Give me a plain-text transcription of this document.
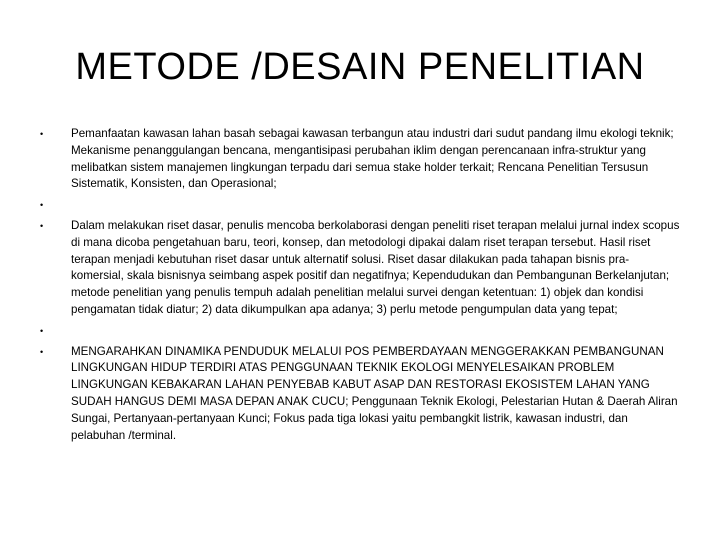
METODE /DESAIN PENELITIAN
• Pemanfaatan kawasan lahan basah sebagai kawasan terbangun atau industri dari sudut pandang ilmu ekologi teknik; Mekanisme penanggulangan bencana, mengantisipasi perubahan iklim dengan perencanaan infra-struktur yang melibatkan sistem manajemen lingkungan terpadu dari semua stake holder terkait; Rencana Penelitian Tersusun Sistematik, Konsisten, dan Operasional;
•
• Dalam melakukan riset dasar, penulis mencoba berkolaborasi dengan peneliti riset terapan melalui jurnal index scopus di mana dicoba pengetahuan baru, teori, konsep, dan metodologi dipakai dalam riset terapan tersebut. Hasil riset terapan menjadi kebutuhan riset dasar untuk alternatif solusi. Riset dasar dilakukan pada tahapan bisnis pra-komersial, skala bisnisnya seimbang aspek positif dan negatifnya; Kependudukan dan Pembangunan Berkelanjutan; metode penelitian yang penulis tempuh adalah penelitian melalui survei dengan ketentuan: 1) objek dan kondisi pengamatan tidak diatur; 2) data dikumpulkan apa adanya; 3) perlu metode pengumpulan data yang tepat;
•
• MENGARAHKAN DINAMIKA PENDUDUK MELALUI POS PEMBERDAYAAN MENGGERAKKAN PEMBANGUNAN LINGKUNGAN HIDUP TERDIRI ATAS PENGGUNAAN TEKNIK EKOLOGI MENYELESAIKAN PROBLEM LINGKUNGAN KEBAKARAN LAHAN PENYEBAB KABUT ASAP DAN RESTORASI EKOSISTEM LAHAN YANG SUDAH HANGUS DEMI MASA DEPAN ANAK CUCU; Penggunaan Teknik Ekologi, Pelestarian Hutan & Daerah Aliran Sungai, Pertanyaan-pertanyaan Kunci; Fokus pada tiga lokasi yaitu pembangkit listrik, kawasan industri, dan pelabuhan /terminal.
